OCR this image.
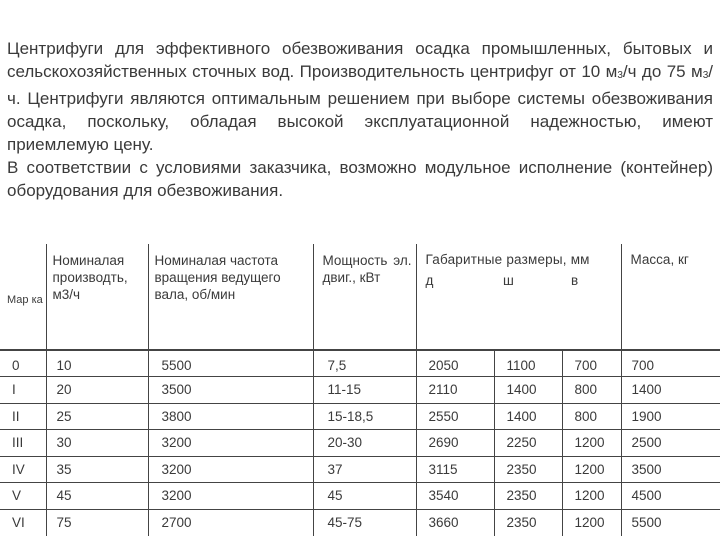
Центрифуги для эффективного обезвоживания осадка промышленных, бытовых и сельскохозяйственных сточных вод. Производительность центрифуг от 10 $м_3/ч$ до 75 $м_3/ч$. Центрифуги являются оптимальным решением при выборе системы обезвоживания осадка, поскольку, обладая высокой эксплуатационной надежностью, имеют приемлемую цену.

В соответствии с условиями заказчика, возможно модульное исполнение (контейнер) оборудования для обезвоживания.

Мар ка	Номиналая производть, м3/ч	Номиналая частота вращения ведущего вала, об/мин	Мощность эл. двиг., кВт	Габаритные размеры, мм			Масса, кг
				д	ш	в	
0	10	5500	7,5	2050	1100	700	700
I	20	3500	11-15	2110	1400	800	1400
II	25	3800	15-18,5	2550	1400	800	1900
III	30	3200	20-30	2690	2250	1200	2500
IV	35	3200	37	3115	2350	1200	3500
V	45	3200	45	3540	2350	1200	4500
VI	75	2700	45-75	3660	2350	1200	5500
